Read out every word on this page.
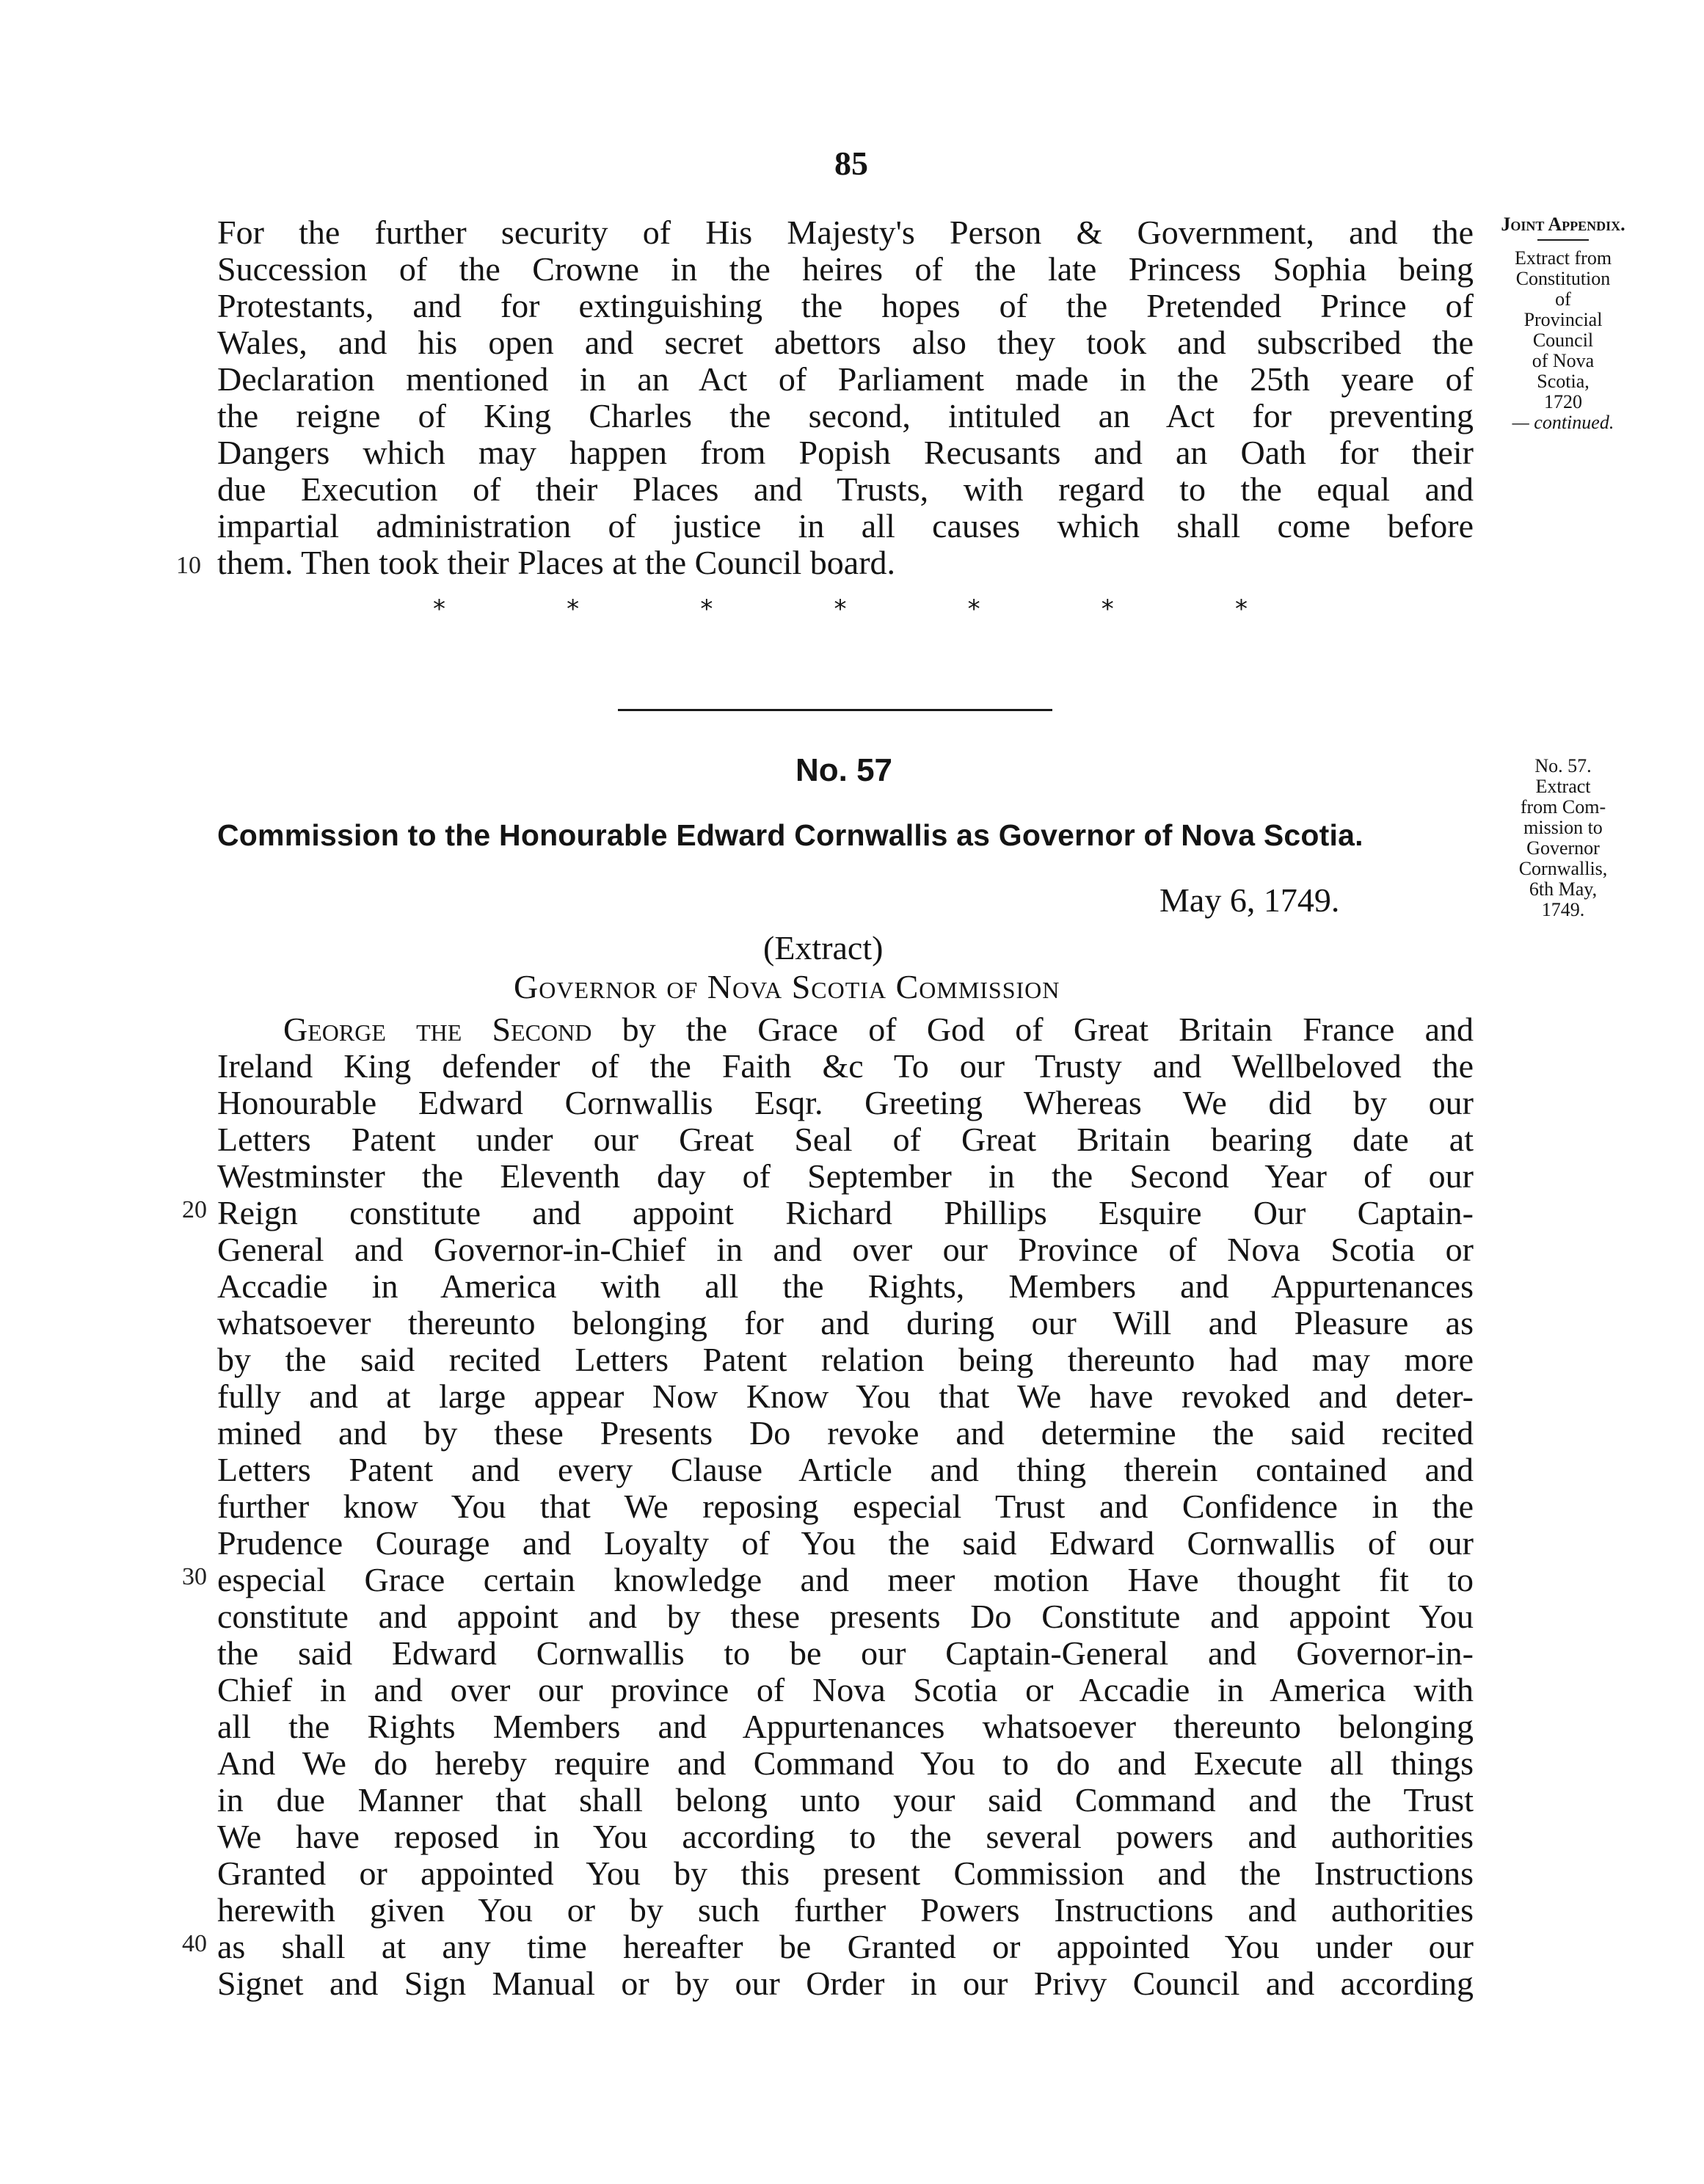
85
For the further security of His Majesty's Person & Government, and the
Succession of the Crowne in the heires of the late Princess Sophia being
Protestants, and for extinguishing the hopes of the Pretended Prince of
Wales, and his open and secret abettors also they took and subscribed the
Declaration mentioned in an Act of Parliament made in the 25th yeare of
the reigne of King Charles the second, intituled an Act for preventing
Dangers which may happen from Popish Recusants and an Oath for their
due Execution of their Places and Trusts, with regard to the equal and
impartial administration of justice in all causes which shall come before
them. Then took their Places at the Council board.
10
Joint Appendix.
Extract from
Constitution
of
Provincial
Council
of Nova
Scotia,
1720
— continued.
*	*	*	*	*	*	*
No. 57
Commission to the Honourable Edward Cornwallis as Governor of Nova Scotia.
May 6, 1749.
(Extract)
Governor of Nova Scotia Commission
No. 57.
Extract
from Com-
mission to
Governor
Cornwallis,
6th May,
1749.
George the Second by the Grace of God of Great Britain France and
Ireland King defender of the Faith &c To our Trusty and Wellbeloved the
Honourable Edward Cornwallis Esqr. Greeting Whereas We did by our
Letters Patent under our Great Seal of Great Britain bearing date at
Westminster the Eleventh day of September in the Second Year of our
Reign constitute and appoint Richard Phillips Esquire Our Captain-
General and Governor-in-Chief in and over our Province of Nova Scotia or
Accadie in America with all the Rights, Members and Appurtenances
whatsoever thereunto belonging for and during our Will and Pleasure as
by the said recited Letters Patent relation being thereunto had may more
fully and at large appear Now Know You that We have revoked and deter-
mined and by these Presents Do revoke and determine the said recited
Letters Patent and every Clause Article and thing therein contained and
further know You that We reposing especial Trust and Confidence in the
Prudence Courage and Loyalty of You the said Edward Cornwallis of our
especial Grace certain knowledge and meer motion Have thought fit to
constitute and appoint and by these presents Do Constitute and appoint You
the said Edward Cornwallis to be our Captain-General and Governor-in-
Chief in and over our province of Nova Scotia or Accadie in America with
all the Rights Members and Appurtenances whatsoever thereunto belonging
And We do hereby require and Command You to do and Execute all things
in due Manner that shall belong unto your said Command and the Trust
We have reposed in You according to the several powers and authorities
Granted or appointed You by this present Commission and the Instructions
herewith given You or by such further Powers Instructions and authorities
as shall at any time hereafter be Granted or appointed You under our
Signet and Sign Manual or by our Order in our Privy Council and according
20
30
40
